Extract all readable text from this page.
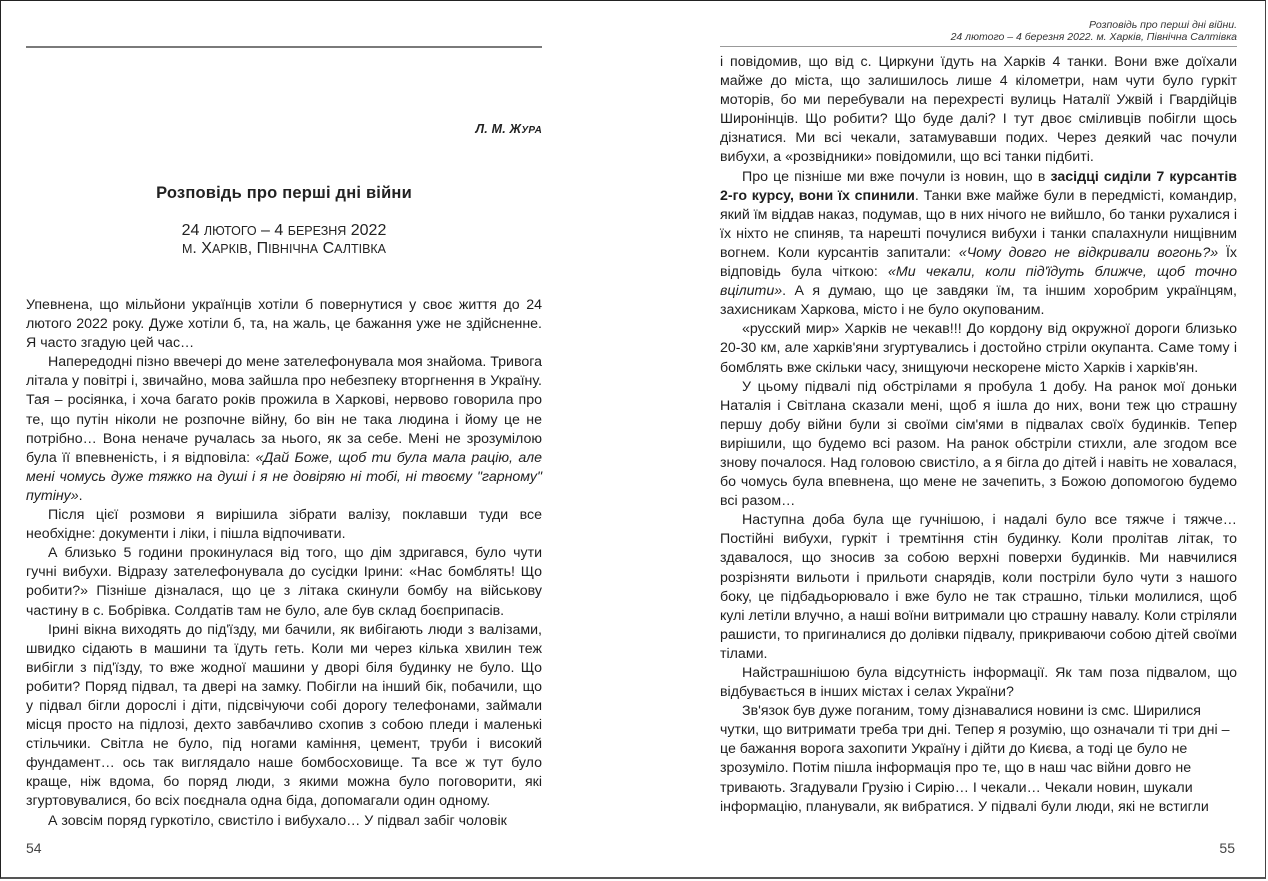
Л. М. ЖУРА
Розповідь про перші дні війни
24 ЛЮТОГО – 4 БЕРЕЗНЯ 2022
М. ХАРКІВ, ПІВНІЧНА САЛТІВКА

Упевнена, що мільйони українців хотіли б повернутися у своє життя до 24 лютого 2022 року. Дуже хотіли б, та, на жаль, це бажання уже не здійсненне. Я часто згадую цей час…

Напередодні пізно ввечері до мене зателефонувала моя знайома. Тривога літала у повітрі і, звичайно, мова зайшла про небезпеку вторгнення в Україну. Тая – росіянка, і хоча багато років прожила в Харкові, нервово говорила про те, що путін ніколи не розпочне війну, бо він не така людина і йому це не потрібно… Вона неначе ручалась за нього, як за себе. Мені не зрозумілою була її впевненість, і я відповіла: «Дай Боже, щоб ти була мала рацію, але мені чомусь дуже тяжко на душі і я не довіряю ні тобі, ні твоєму "гарному" путіну».

Після цієї розмови я вирішила зібрати валізу, поклавши туди все необхідне: документи і ліки, і пішла відпочивати.

А близько 5 години прокинулася від того, що дім здригався, було чути гучні вибухи. Відразу зателефонувала до сусідки Ірини: «Нас бомблять! Що робити?» Пізніше дізналася, що це з літака скинули бомбу на військову частину в с. Бобрівка. Солдатів там не було, але був склад боєприпасів.

Ірині вікна виходять до під'їзду, ми бачили, як вибігають люди з валізами, швидко сідають в машини та їдуть геть. Коли ми через кілька хвилин теж вибігли з під'їзду, то вже жодної машини у дворі біля будинку не було. Що робити? Поряд підвал, та двері на замку. Побігли на інший бік, побачили, що у підвал бігли дорослі і діти, підсвічуючи собі дорогу телефонами, займали місця просто на підлозі, дехто завбачливо схопив з собою пледи і маленькі стільчики. Світла не було, під ногами каміння, цемент, труби і високий фундамент… ось так виглядало наше бомбосховище. Та все ж тут було краще, ніж вдома, бо поряд люди, з якими можна було поговорити, які згуртовувалися, бо всіх поєднала одна біда, допомагали один одному.

А зовсім поряд гуркотіло, свистіло і вибухало… У підвал забіг чоловік

54
Розповідь про перші дні війни.
24 лютого – 4 березня 2022. м. Харків, Північна Салтівка

і повідомив, що від с. Циркуни їдуть на Харків 4 танки. Вони вже доїхали майже до міста, що залишилось лише 4 кілометри, нам чути було гуркіт моторів, бо ми перебували на перехресті вулиць Наталії Ужвій і Гвардійців Широнінців. Що робити? Що буде далі? І тут двоє сміливців побігли щось дізнатися. Ми всі чекали, затамувавши подих. Через деякий час почули вибухи, а «розвідники» повідомили, що всі танки підбиті.

Про це пізніше ми вже почули із новин, що в засідці сиділи 7 курсантів 2-го курсу, вони їх спинили. Танки вже майже були в передмісті, командир, який їм віддав наказ, подумав, що в них нічого не вийшло, бо танки рухалися і їх ніхто не спиняв, та нарешті почулися вибухи і танки спалахнули нищівним вогнем. Коли курсантів запитали: «Чому довго не відкривали вогонь?» Їх відповідь була чіткою: «Ми чекали, коли під'їдуть ближче, щоб точно вцілити». А я думаю, що це завдяки їм, та іншим хоробрим українцям, захисникам Харкова, місто і не було окупованим.

«русский мир» Харків не чекав!!! До кордону від окружної дороги близько 20-30 км, але харків'яни згуртувались і достойно стріли окупанта. Саме тому і бомблять вже скільки часу, знищуючи нескорене місто Харків і харків'ян.

У цьому підвалі під обстрілами я пробула 1 добу. На ранок мої доньки Наталія і Світлана сказали мені, щоб я ішла до них, вони теж цю страшну першу добу війни були зі своїми сім'ями в підвалах своїх будинків. Тепер вирішили, що будемо всі разом. На ранок обстріли стихли, але згодом все знову почалося. Над головою свистіло, а я бігла до дітей і навіть не ховалася, бо чомусь була впевнена, що мене не зачепить, з Божою допомогою будемо всі разом…

Наступна доба була ще гучнішою, і надалі було все тяжче і тяжче… Постійні вибухи, гуркіт і тремтіння стін будинку. Коли пролітав літак, то здавалося, що зносив за собою верхні поверхи будинків. Ми навчилися розрізняти вильоти і прильоти снарядів, коли постріли було чути з нашого боку, це підбадьорювало і вже було не так страшно, тільки молилися, щоб кулі летіли влучно, а наші воїни витримали цю страшну навалу. Коли стріляли рашисти, то пригиналися до долівки підвалу, прикриваючи собою дітей своїми тілами.

Найстрашнішою була відсутність інформації. Як там поза підвалом, що відбувається в інших містах і селах України?

Зв'язок був дуже поганим, тому дізнавалися новини із смс. Ширилися чутки, що витримати треба три дні. Тепер я розумію, що означали ті три дні – це бажання ворога захопити Україну і дійти до Києва, а тоді це було не зрозуміло. Потім пішла інформація про те, що в наш час війни довго не тривають. Згадували Грузію і Сирію… І чекали… Чекали новин, шукали інформацію, планували, як вибратися. У підвалі були люди, які не встигли

55
